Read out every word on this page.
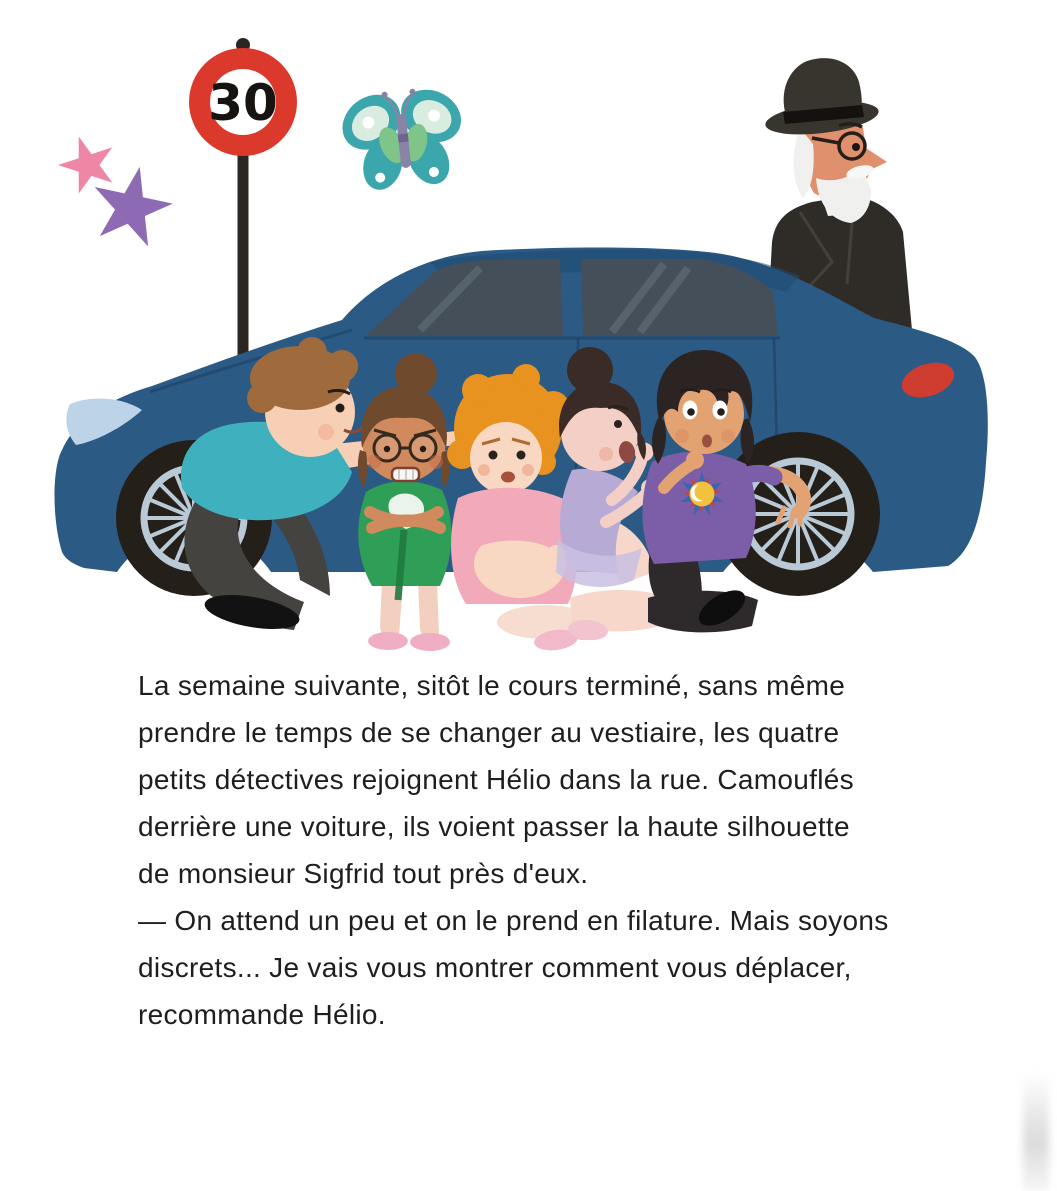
30
La semaine suivante, sitôt le cours terminé, sans même
prendre le temps de se changer au vestiaire, les quatre
petits détectives rejoignent Hélio dans la rue. Camouflés
derrière une voiture, ils voient passer la haute silhouette
de monsieur Sigfrid tout près d'eux.
— On attend un peu et on le prend en filature. Mais soyons
discrets... Je vais vous montrer comment vous déplacer,
recommande Hélio.
